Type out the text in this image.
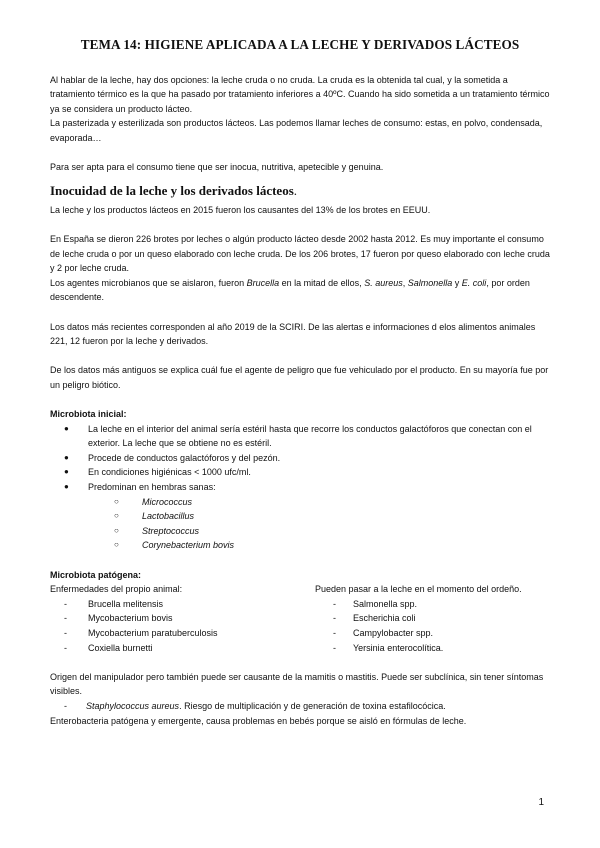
TEMA 14: HIGIENE APLICADA A LA LECHE Y DERIVADOS LÁCTEOS

Al hablar de la leche, hay dos opciones: la leche cruda o no cruda. La cruda es la obtenida tal cual, y la sometida a tratamiento térmico es la que ha pasado por tratamiento inferiores a 40ºC. Cuando ha sido sometida a un tratamiento térmico ya se considera un producto lácteo.

La pasterizada y esterilizada son productos lácteos. Las podemos llamar leches de consumo: estas, en polvo, condensada, evaporada…

Para ser apta para el consumo tiene que ser inocua, nutritiva, apetecible y genuina.

Inocuidad de la leche y los derivados lácteos.

La leche y los productos lácteos en 2015 fueron los causantes del 13% de los brotes en EEUU.

En España se dieron 226 brotes por leches o algún producto lácteo desde 2002 hasta 2012. Es muy importante el consumo de leche cruda o por un queso elaborado con leche cruda. De los 206 brotes, 17 fueron por queso elaborado con leche cruda y 2 por leche cruda.

Los agentes microbianos que se aislaron, fueron Brucella en la mitad de ellos, S. aureus, Salmonella y E. coli, por orden descendente.

Los datos más recientes corresponden al año 2019 de la SCIRI. De las alertas e informaciones d elos alimentos animales 221, 12 fueron por la leche y derivados.

De los datos más antiguos se explica cuál fue el agente de peligro que fue vehiculado por el producto. En su mayoría fue por un peligro biótico.

Microbiota inicial:

● La leche en el interior del animal sería estéril hasta que recorre los conductos galactóforos que conectan con el exterior. La leche que se obtiene no es estéril.
● Procede de conductos galactóforos y del pezón.
● En condiciones higiénicas < 1000 ufc/ml.
● Predominan en hembras sanas:
○ Micrococcus
○ Lactobacillus
○ Streptococcus
○ Corynebacterium bovis

Microbiota patógena:

Enfermedades del propio animal:

- Brucella melitensis
- Mycobacterium bovis
- Mycobacterium paratuberculosis
- Coxiella burnetti

Pueden pasar a la leche en el momento del ordeño.

- Salmonella spp.
- Escherichia coli
- Campylobacter spp.
- Yersinia enterocolítica.

Origen del manipulador pero también puede ser causante de la mamitis o mastitis. Puede ser subclínica, sin tener síntomas visibles.

- Staphylococcus aureus. Riesgo de multiplicación y de generación de toxina estafilocócica.

Enterobacteria patógena y emergente, causa problemas en bebés porque se aisló en fórmulas de leche.

1
